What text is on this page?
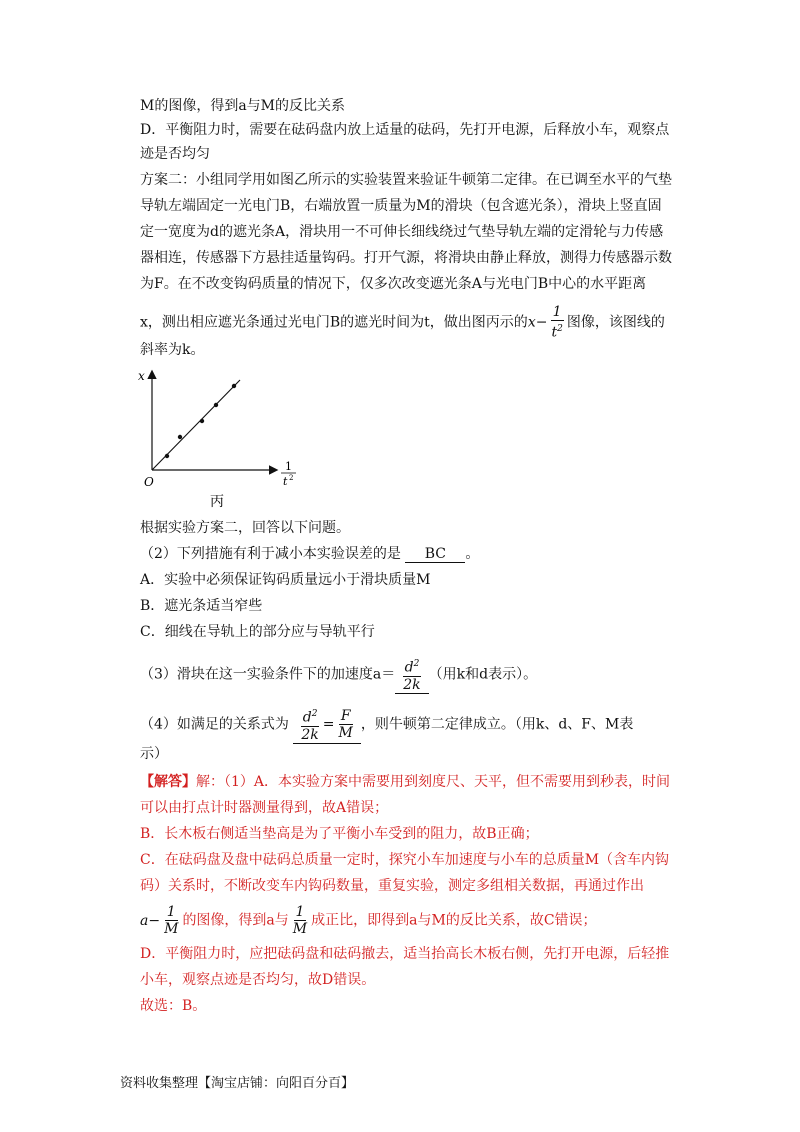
M的图像，得到a与M的反比关系
D．平衡阻力时，需要在砝码盘内放上适量的砝码，先打开电源，后释放小车，观察点
迹是否均匀
方案二：小组同学用如图乙所示的实验装置来验证牛顿第二定律。在已调至水平的气垫
导轨左端固定一光电门B，右端放置一质量为M的滑块（包含遮光条），滑块上竖直固
定一宽度为d的遮光条A，滑块用一不可伸长细线绕过气垫导轨左端的定滑轮与力传感
器相连，传感器下方悬挂适量钩码。打开气源，将滑块由静止释放，测得力传感器示数
为F。在不改变钩码质量的情况下，仅多次改变遮光条A与光电门B中心的水平距离
x，测出相应遮光条通过光电门B的遮光时间为t，做出图丙示的$x- \frac{1}{t^2}$ 图像，该图线的
斜率为k。
x
O
1
t 2
丙
根据实验方案二，回答以下问题。
（2）下列措施有利于减小本实验误差的是 BC 。
A．实验中必须保证钩码质量远小于滑块质量M
B．遮光条适当窄些
C．细线在导轨上的部分应与导轨平行
（3）滑块在这一实验条件下的加速度$a= \frac{d^2}{2k}$ （用k和d表示）。
（4）如满足的关系式为 $\frac{d^2}{2k} = \frac{F}{M}$ ，则牛顿第二定律成立。（用k、d、F、M表
示）
【解答】解：（1）A．本实验方案中需要用到刻度尺、天平，但不需要用到秒表，时间
可以由打点计时器测量得到，故A错误；
B．长木板右侧适当垫高是为了平衡小车受到的阻力，故B正确；
C．在砝码盘及盘中砝码总质量一定时，探究小车加速度与小车的总质量M（含车内钩
码）关系时，不断改变车内钩码数量，重复实验，测定多组相关数据，再通过作出
$a- \frac{1}{M}$ 的图像，得到a与 $\frac{1}{M}$ 成正比，即得到a与M的反比关系，故C错误；
D．平衡阻力时，应把砝码盘和砝码撤去，适当抬高长木板右侧，先打开电源，后轻推
小车，观察点迹是否均匀，故D错误。
故选：B。
资料收集整理【淘宝店铺：向阳百分百】
